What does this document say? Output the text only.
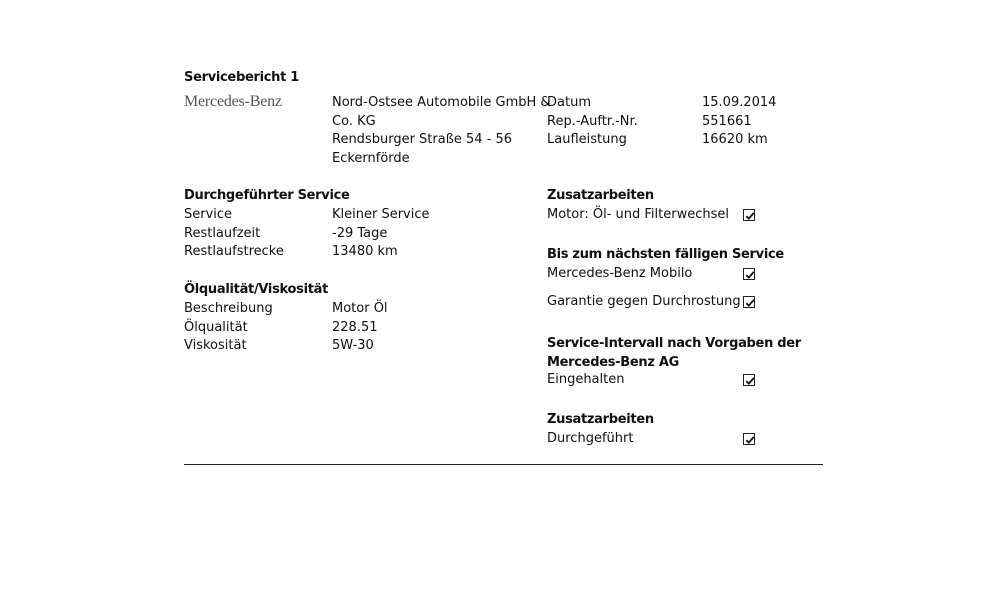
Servicebericht 1
Mercedes-Benz	Nord-Ostsee Automobile GmbH &
Co. KG
Rendsburger Straße 54 - 56
Eckernförde
Datum
Rep.-Auftr.-Nr.
Laufleistung
15.09.2014
551661
16620 km
Durchgeführter Service
Service
Restlaufzeit
Restlaufstrecke
Kleiner Service
-29 Tage
13480 km
Ölqualität/Viskosität
Beschreibung
Ölqualität
Viskosität
Motor Öl
228.51
5W-30
Zusatzarbeiten
Motor: Öl- und Filterwechsel
Bis zum nächsten fälligen Service
Mercedes-Benz Mobilo
Garantie gegen Durchrostung
Service-Intervall nach Vorgaben der
Mercedes-Benz AG
Eingehalten
Zusatzarbeiten
Durchgeführt
